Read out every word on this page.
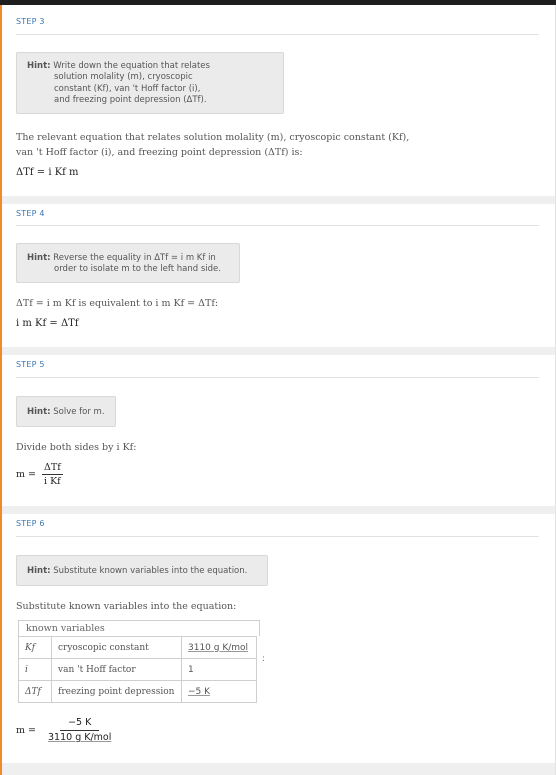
STEP 3
Hint: Write down the equation that relates
solution molality (m), cryoscopic
constant (Kf), van 't Hoff factor (i),
and freezing point depression (ΔTf).
The relevant equation that relates solution molality (m), cryoscopic constant (Kf),
van 't Hoff factor (i), and freezing point depression (ΔTf) is:
ΔTf = i Kf m
STEP 4
Hint: Reverse the equality in ΔTf = i m Kf in
order to isolate m to the left hand side.
ΔTf = i m Kf is equivalent to i m Kf = ΔTf:
i m Kf = ΔTf
STEP 5
Hint: Solve for m.
Divide both sides by i Kf:
$m = \frac{\text{ΔTf}}{\text{i Kf}}$
STEP 6
Hint: Substitute known variables into the equation.
Substitute known variables into the equation:
known variables
Kf	cryoscopic constant	3110 g K/mol
i	van 't Hoff factor	1
ΔTf	freezing point depression	−5 K
:
$m = \frac{-5 K}{\text{3110 g K/mol}}$
